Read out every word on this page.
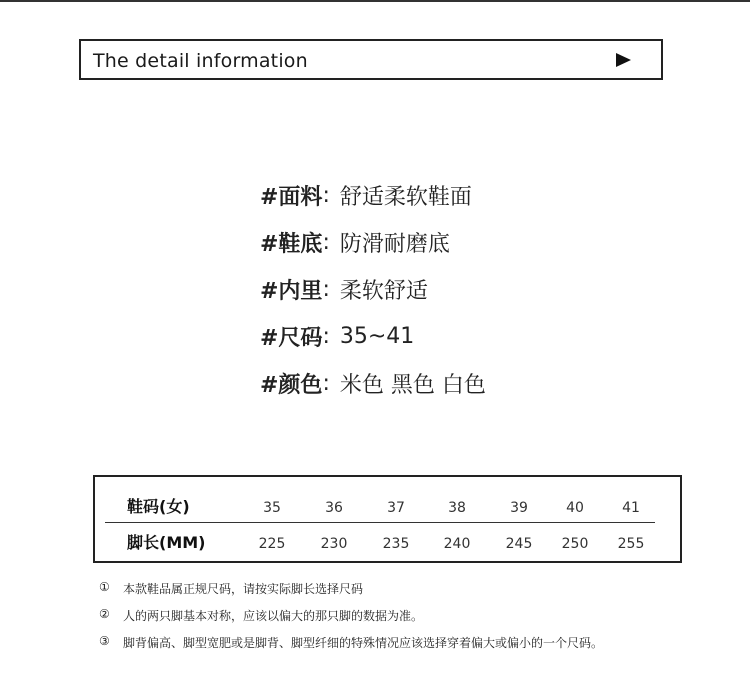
The detail information
#面料 : 舒适柔软鞋面
#鞋底 : 防滑耐磨底
#内里 : 柔软舒适
#尺码 : 35~41
#颜色 : 米色 黑色 白色
鞋码(女)	35	36	37	38	39	40	41
脚长(MM)	225	230	235	240	245	250	255
①	本款鞋品属正规尺码，请按实际脚长选择尺码
②	人的两只脚基本对称，应该以偏大的那只脚的数据为准。
③	脚背偏高、脚型宽肥或是脚背、脚型纤细的特殊情况应该选择穿着偏大或偏小的一个尺码。
